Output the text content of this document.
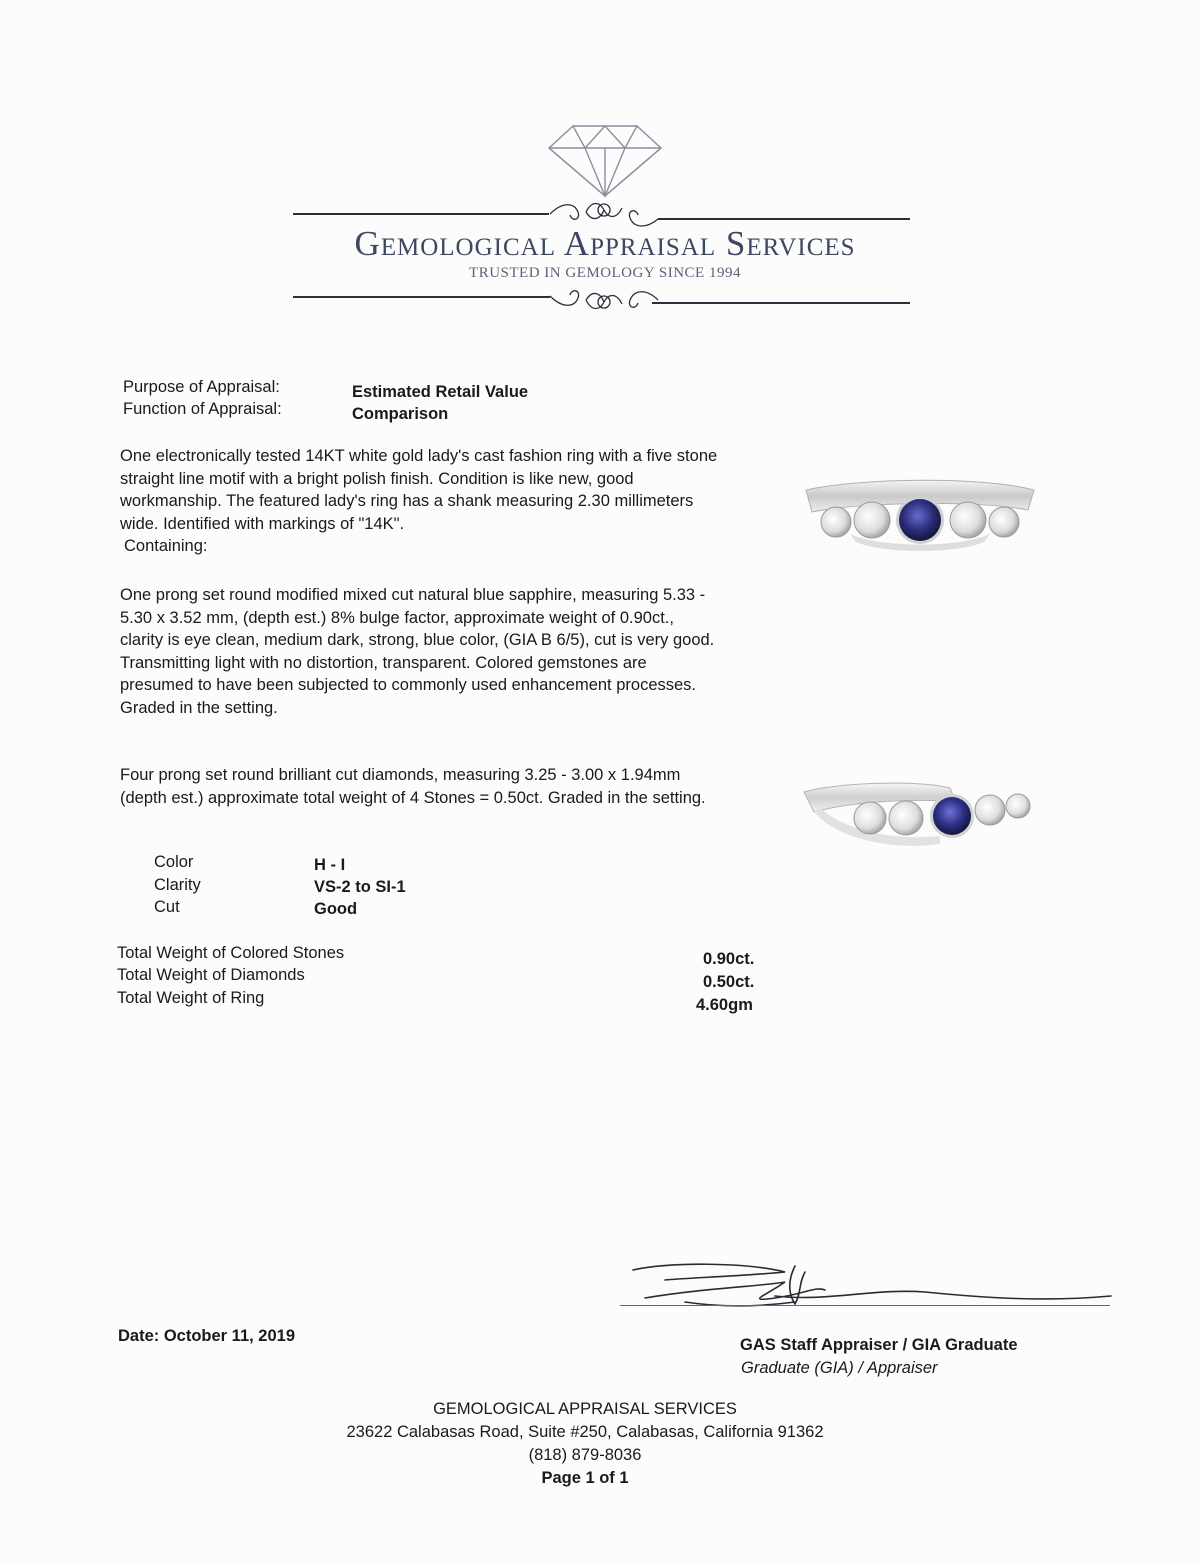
Gemological Appraisal Services
TRUSTED IN GEMOLOGY SINCE 1994
Purpose of Appraisal:	Estimated Retail Value
Function of Appraisal:	Comparison
One electronically tested 14KT white gold lady's cast fashion ring with a five stone straight line motif with a bright polish finish. Condition is like new, good workmanship. The featured lady's ring has a shank measuring 2.30 millimeters wide. Identified with markings of "14K".
Containing:
One prong set round modified mixed cut natural blue sapphire, measuring 5.33 - 5.30 x 3.52 mm, (depth est.) 8% bulge factor, approximate weight of 0.90ct., clarity is eye clean, medium dark, strong, blue color, (GIA B 6/5), cut is very good. Transmitting light with no distortion, transparent. Colored gemstones are presumed to have been subjected to commonly used enhancement processes. Graded in the setting.
Four prong set round brilliant cut diamonds, measuring 3.25 - 3.00 x 1.94mm (depth est.) approximate total weight of 4 Stones = 0.50ct. Graded in the setting.
Color	H - I
Clarity	VS-2 to SI-1
Cut	Good
Total Weight of Colored Stones	0.90ct.
Total Weight of Diamonds	0.50ct.
Total Weight of Ring	4.60gm
Date: October 11, 2019	GAS Staff Appraiser / GIA Graduate
Graduate (GIA) / Appraiser
GEMOLOGICAL APPRAISAL SERVICES
23622 Calabasas Road, Suite #250, Calabasas, California 91362
(818) 879-8036
Page 1 of 1
